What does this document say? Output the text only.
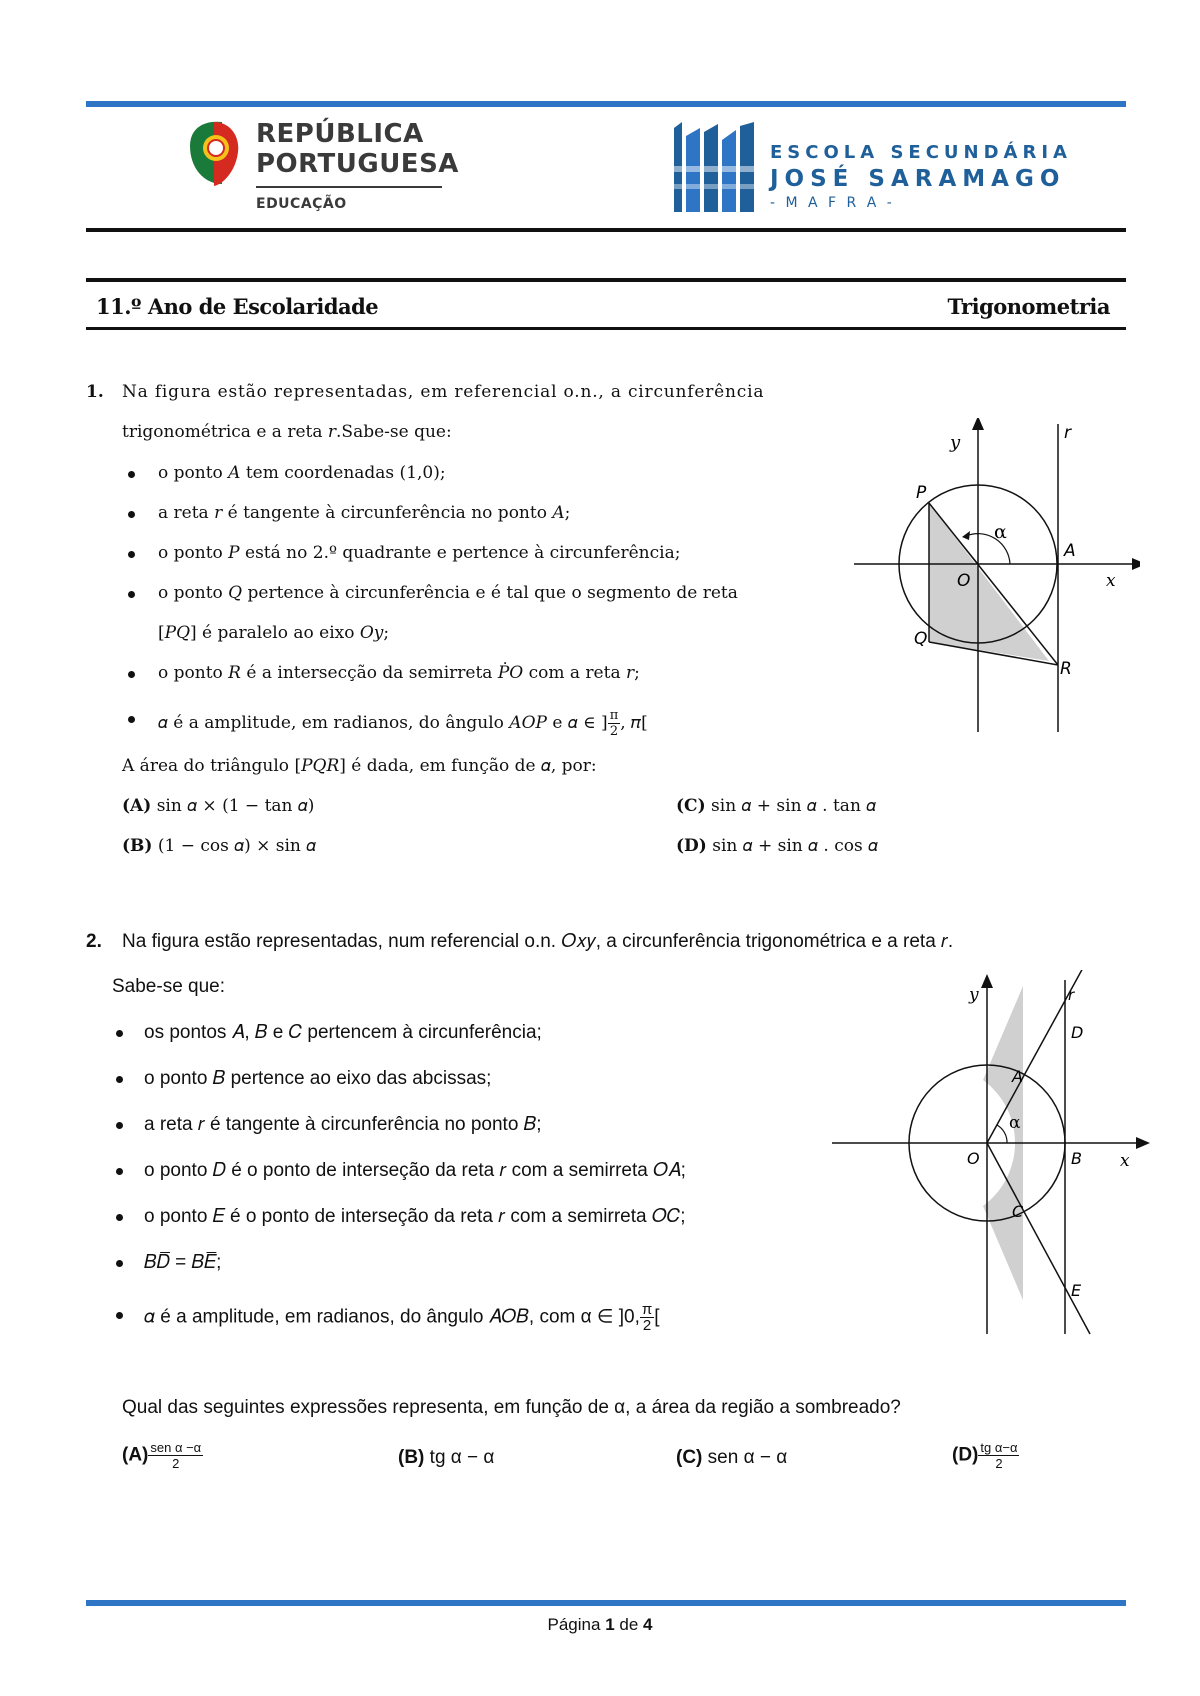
REPÚBLICA
PORTUGUESA
EDUCAÇÃO
ESCOLA SECUNDÁRIA
JOSÉ SARAMAGO
- M A F R A -
11.º Ano de Escolaridade	Trigonometria
1. Na figura estão representadas, em referencial o.n., a circunferência
trigonométrica e a reta 𝑟.Sabe-se que:
o ponto 𝐴 tem coordenadas (1,0);
a reta 𝑟 é tangente à circunferência no ponto 𝐴;
o ponto 𝑃 está no 2.º quadrante e pertence à circunferência;
o ponto 𝑄 pertence à circunferência e é tal que o segmento de reta
[𝑃𝑄] é paralelo ao eixo 𝑂𝑦;
o ponto 𝑅 é a intersecção da semirreta 𝑃̇𝑂 com a reta 𝑟;
𝛼 é a amplitude, em radianos, do ângulo 𝐴𝑂𝑃 e 𝛼 ∈ ] $\frac{\pi}{2}$ , 𝜋[
A área do triângulo [𝑃𝑄𝑅] é dada, em função de 𝛼, por:
(A) sin 𝛼 × (1 − tan 𝛼)	(C) sin 𝛼 + sin 𝛼 . tan 𝛼
(B) (1 − cos 𝛼) × sin 𝛼	(D) sin 𝛼 + sin 𝛼 . cos 𝛼
y	r
P
α
A
x
O
Q
R
2. Na figura estão representadas, num referencial o.n. 𝑂𝑥𝑦, a circunferência trigonométrica e a reta 𝑟.
Sabe-se que:
os pontos 𝐴, 𝐵 e 𝐶 pertencem à circunferência;
o ponto 𝐵 pertence ao eixo das abcissas;
a reta 𝑟 é tangente à circunferência no ponto 𝐵;
o ponto 𝐷 é o ponto de interseção da reta 𝑟 com a semirreta 𝑂̇𝐴;
o ponto 𝐸 é o ponto de interseção da reta 𝑟 com a semirreta 𝑂̇𝐶;
𝐵𝐷̅̅̅̅ = 𝐵𝐸̅̅̅̅;
𝛼 é a amplitude, em radianos, do ângulo 𝐴𝑂𝐵, com α ∈ ]0, $\frac{\pi}{2}$ [
Qual das seguintes expressões representa, em função de α, a área da região a sombreado?
$(A) \frac{\text{sen α −α}}{2}$	(B) tg α − α	(C) sen α − α	$(D) \frac{\text{tg α−α}}{2}$
y	r
D
A
α
O	B x
C
E
Página 1 de 4
